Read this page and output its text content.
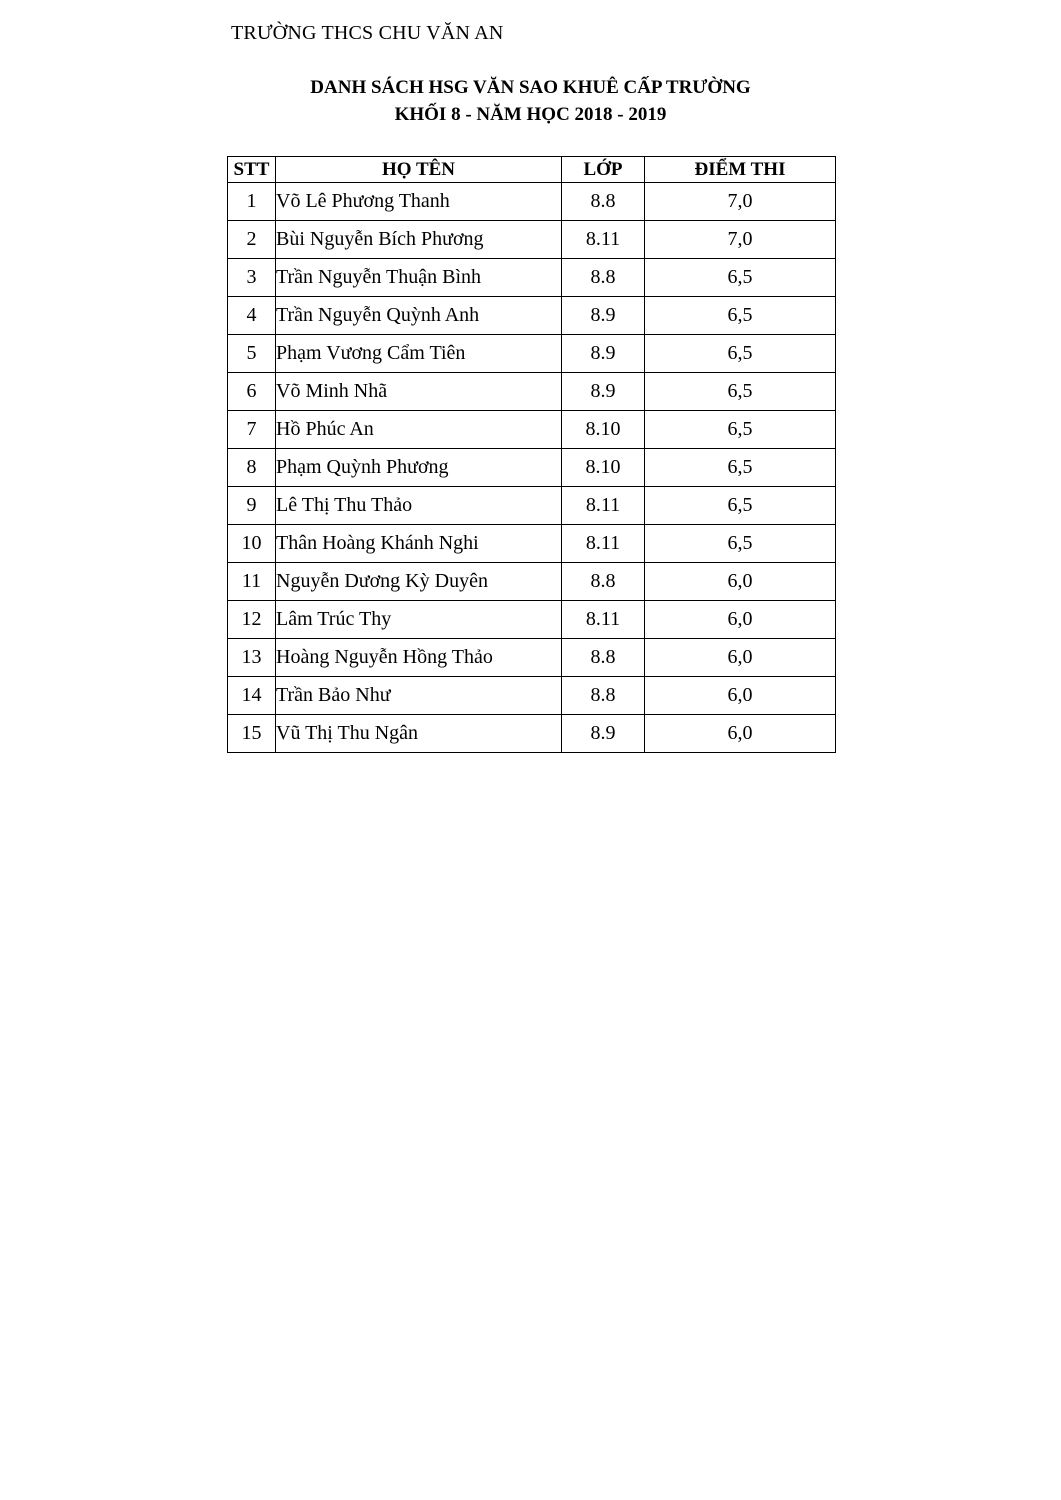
TRƯỜNG THCS CHU VĂN AN
DANH SÁCH HSG VĂN SAO KHUÊ CẤP TRƯỜNG
KHỐI 8 - NĂM HỌC 2018 - 2019
STT	HỌ TÊN	LỚP	ĐIỂM THI
1	Võ Lê Phương Thanh	8.8	7,0
2	Bùi Nguyễn Bích Phương	8.11	7,0
3	Trần Nguyễn Thuận Bình	8.8	6,5
4	Trần Nguyễn Quỳnh Anh	8.9	6,5
5	Phạm Vương Cẩm Tiên	8.9	6,5
6	Võ Minh Nhã	8.9	6,5
7	Hồ Phúc An	8.10	6,5
8	Phạm Quỳnh Phương	8.10	6,5
9	Lê Thị Thu Thảo	8.11	6,5
10	Thân Hoàng Khánh Nghi	8.11	6,5
11	Nguyễn Dương Kỳ Duyên	8.8	6,0
12	Lâm Trúc Thy	8.11	6,0
13	Hoàng Nguyễn Hồng Thảo	8.8	6,0
14	Trần Bảo Như	8.8	6,0
15	Vũ Thị Thu Ngân	8.9	6,0
